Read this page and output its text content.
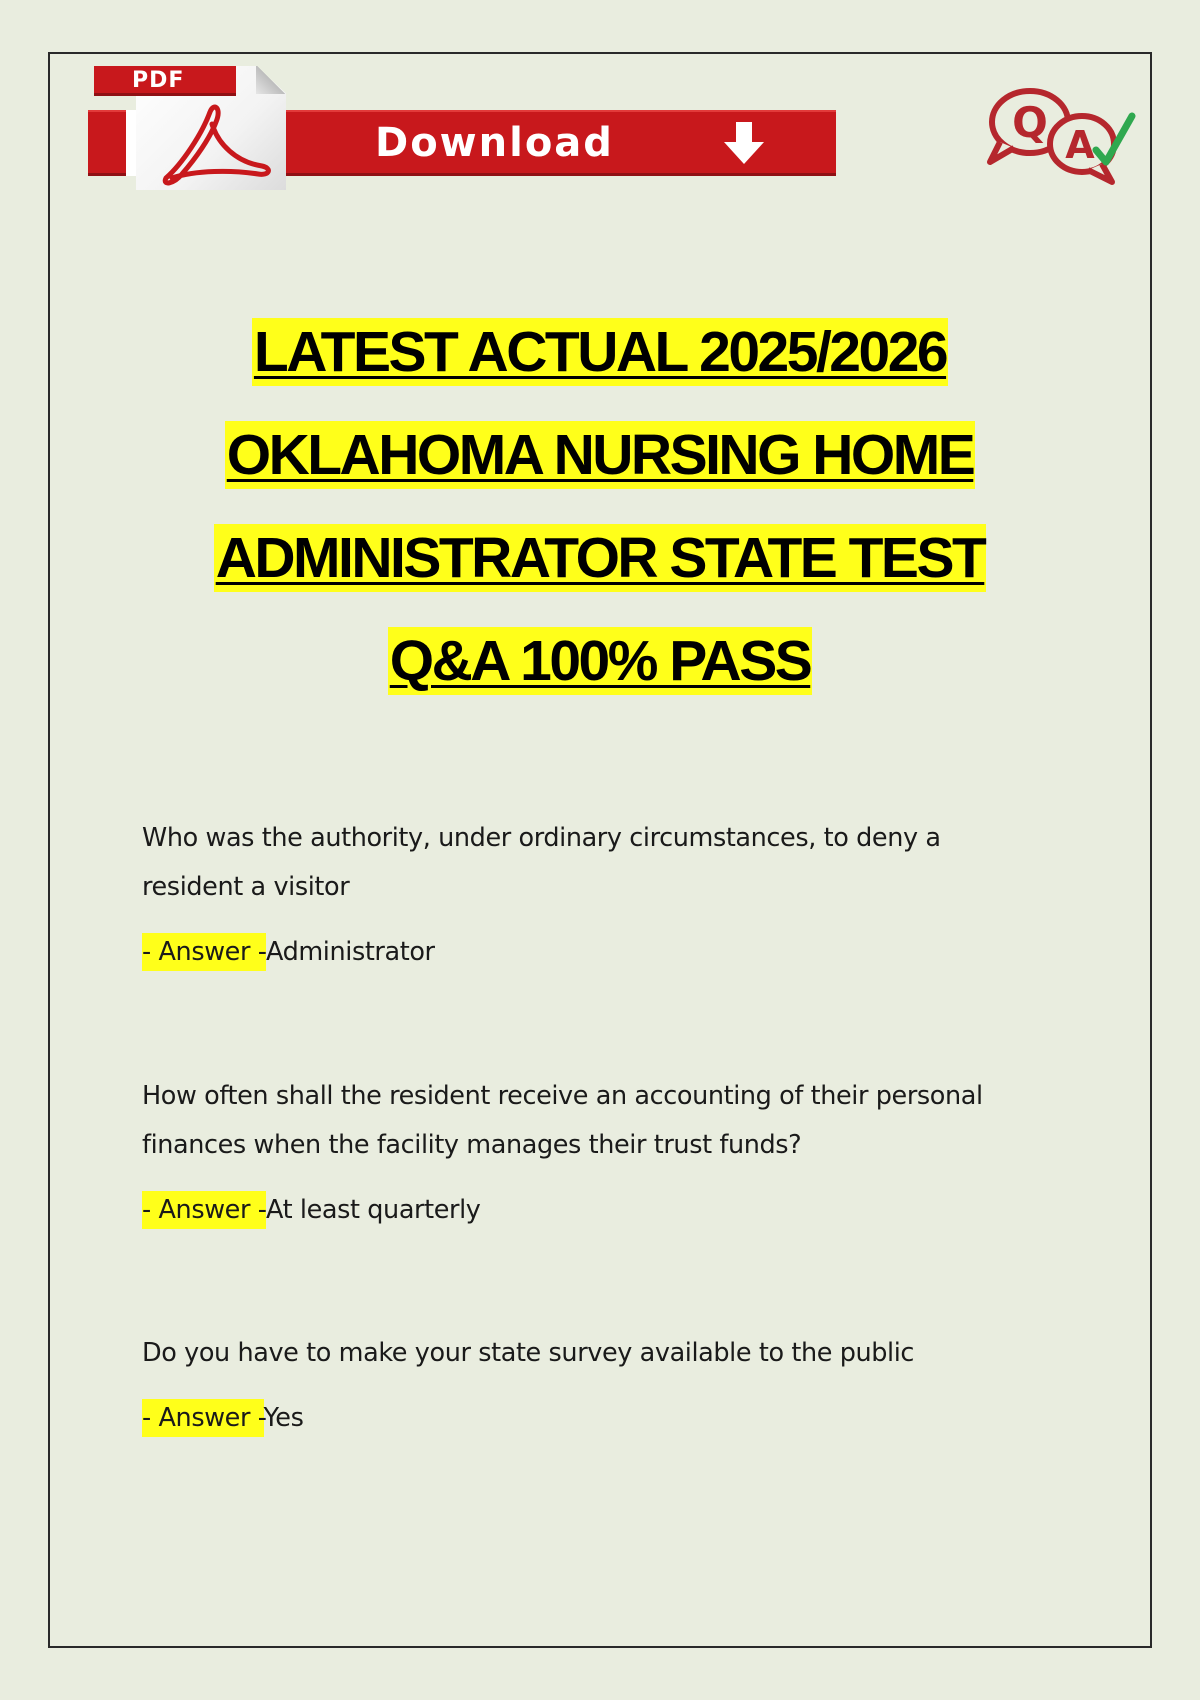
PDF
Download	Q A
LATEST ACTUAL 2025/2026
OKLAHOMA NURSING HOME
ADMINISTRATOR STATE TEST
Q&A 100% PASS

Who was the authority, under ordinary circumstances, to deny a resident a visitor

- Answer -Administrator

How often shall the resident receive an accounting of their personal finances when the facility manages their trust funds?

- Answer -At least quarterly

Do you have to make your state survey available to the public

- Answer -Yes
